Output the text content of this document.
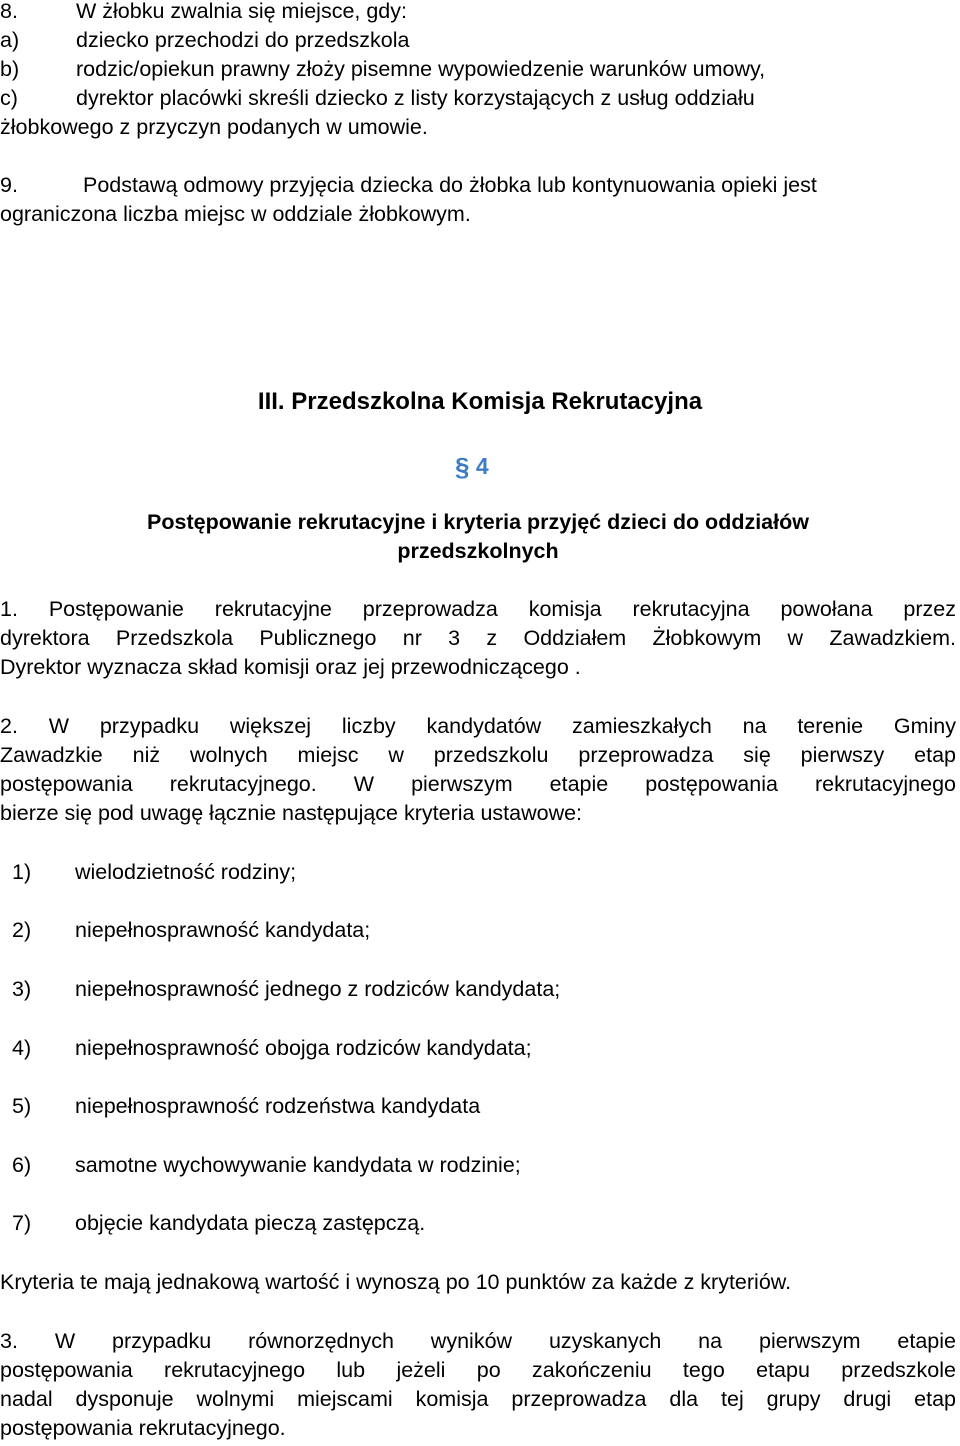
8.	W żłobku zwalnia się miejsce, gdy:
a)	dziecko przechodzi do przedszkola
b)	rodzic/opiekun prawny złoży pisemne wypowiedzenie warunków umowy,
c)	dyrektor placówki skreśli dziecko z listy korzystających z usług oddziału
żłobkowego z przyczyn podanych w umowie.
9.	Podstawą odmowy przyjęcia dziecka do żłobka lub kontynuowania opieki jest
ograniczona liczba miejsc w oddziale żłobkowym.
III. Przedszkolna Komisja Rekrutacyjna
§ 4
Postępowanie rekrutacyjne i kryteria przyjęć dzieci do oddziałów
przedszkolnych
1. Postępowanie rekrutacyjne przeprowadza komisja rekrutacyjna powołana przez
dyrektora Przedszkola Publicznego nr 3 z Oddziałem Żłobkowym w Zawadzkiem.
Dyrektor wyznacza skład komisji oraz jej przewodniczącego .
2. W przypadku większej liczby kandydatów zamieszkałych na terenie Gminy
Zawadzkie niż wolnych miejsc w przedszkolu przeprowadza się pierwszy etap
postępowania rekrutacyjnego. W pierwszym etapie postępowania rekrutacyjnego
bierze się pod uwagę łącznie następujące kryteria ustawowe:
1) wielodzietność rodziny;
2) niepełnosprawność kandydata;
3) niepełnosprawność jednego z rodziców kandydata;
4) niepełnosprawność obojga rodziców kandydata;
5) niepełnosprawność rodzeństwa kandydata
6) samotne wychowywanie kandydata w rodzinie;
7) objęcie kandydata pieczą zastępczą.
Kryteria te mają jednakową wartość i wynoszą po 10 punktów za każde z kryteriów.
3. W przypadku równorzędnych wyników uzyskanych na pierwszym etapie
postępowania rekrutacyjnego lub jeżeli po zakończeniu tego etapu przedszkole
nadal dysponuje wolnymi miejscami komisja przeprowadza dla tej grupy drugi etap
postępowania rekrutacyjnego.
